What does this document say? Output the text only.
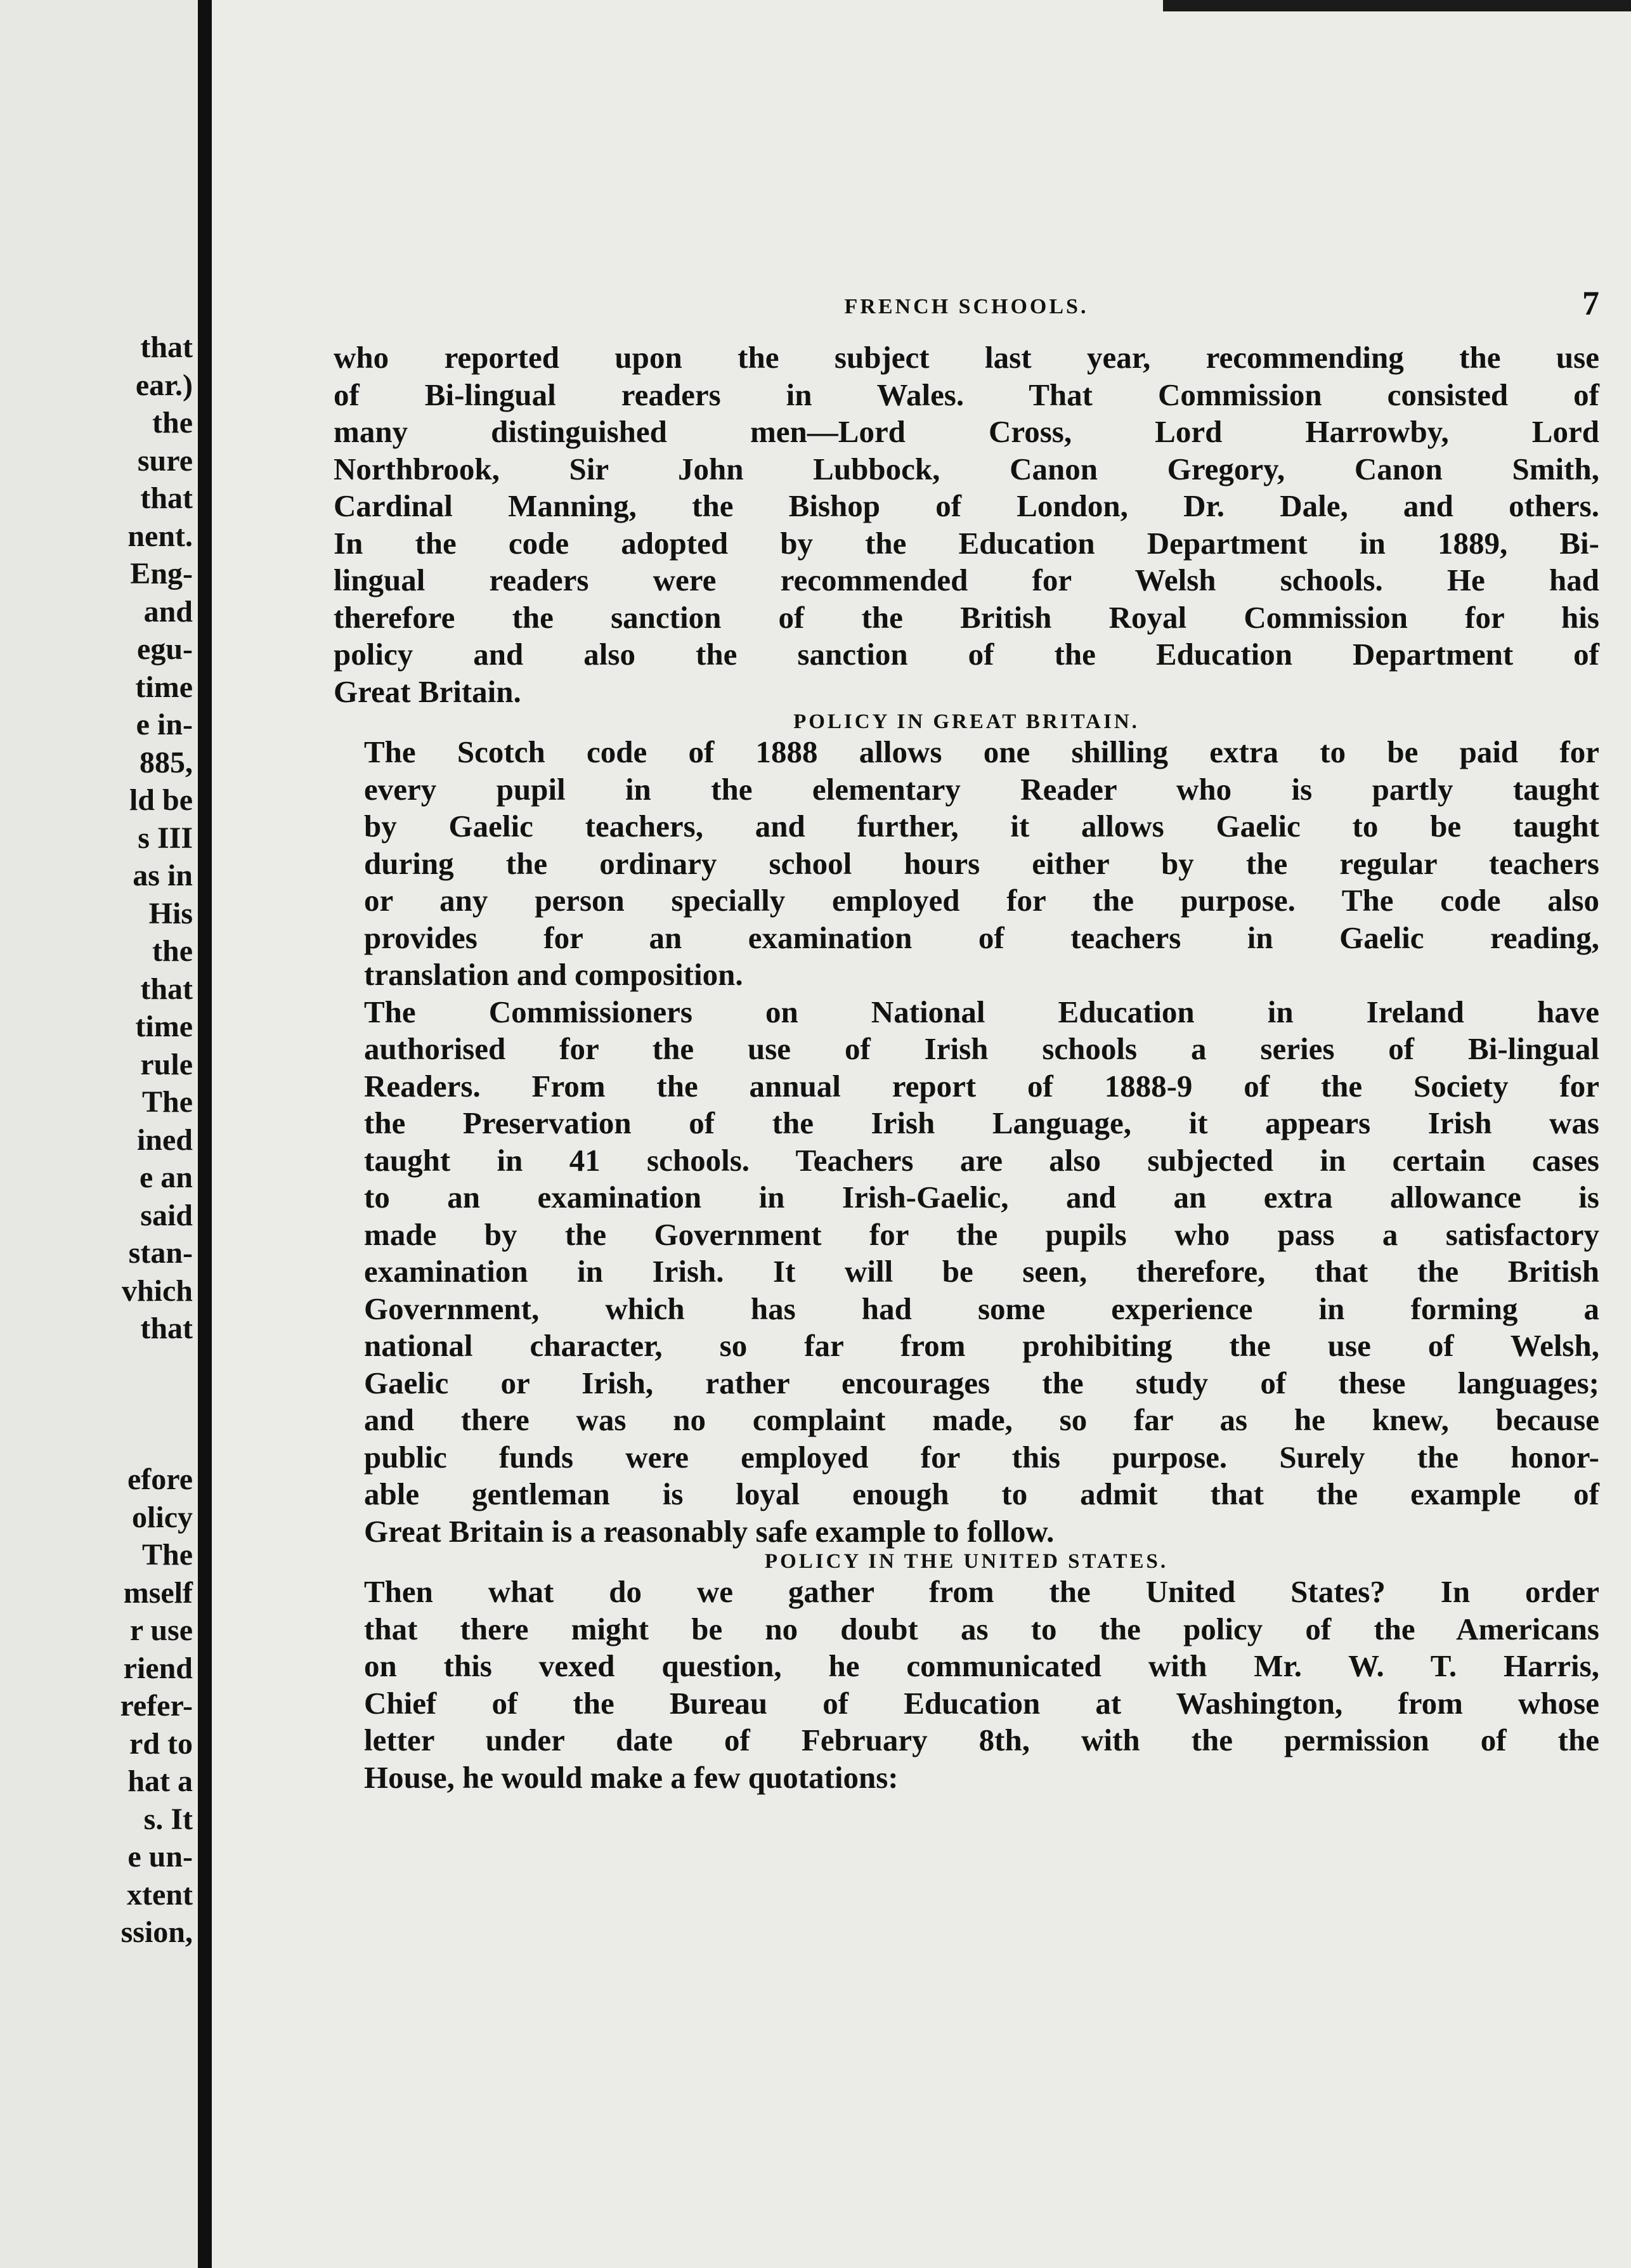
that
ear.)
the
sure
that
nent.
Eng-
and
egu-
time
e in-
885,
ld be
s III
as in
His
the
that
time
rule
The
ined
e an
said
stan-
vhich
that

efore
olicy
The
mself
r use
riend
refer-
rd to
hat a
s. It
e un-
xtent
ssion,
FRENCH SCHOOLS.	7

who reported upon the subject last year, recommending the use
of Bi-lingual readers in Wales. That Commission consisted of
many distinguished men—Lord Cross, Lord Harrowby, Lord
Northbrook, Sir John Lubbock, Canon Gregory, Canon Smith,
Cardinal Manning, the Bishop of London, Dr. Dale, and others.
In the code adopted by the Education Department in 1889, Bi-
lingual readers were recommended for Welsh schools. He had
therefore the sanction of the British Royal Commission for his
policy and also the sanction of the Education Department of
Great Britain.

POLICY IN GREAT BRITAIN.

The Scotch code of 1888 allows one shilling extra to be paid for
every pupil in the elementary Reader who is partly taught
by Gaelic teachers, and further, it allows Gaelic to be taught
during the ordinary school hours either by the regular teachers
or any person specially employed for the purpose. The code also
provides for an examination of teachers in Gaelic reading,
translation and composition.

The Commissioners on National Education in Ireland have
authorised for the use of Irish schools a series of Bi-lingual
Readers. From the annual report of 1888-9 of the Society for
the Preservation of the Irish Language, it appears Irish was
taught in 41 schools. Teachers are also subjected in certain cases
to an examination in Irish-Gaelic, and an extra allowance is
made by the Government for the pupils who pass a satisfactory
examination in Irish. It will be seen, therefore, that the British
Government, which has had some experience in forming a
national character, so far from prohibiting the use of Welsh,
Gaelic or Irish, rather encourages the study of these languages;
and there was no complaint made, so far as he knew, because
public funds were employed for this purpose. Surely the honor-
able gentleman is loyal enough to admit that the example of
Great Britain is a reasonably safe example to follow.

POLICY IN THE UNITED STATES.

Then what do we gather from the United States? In order
that there might be no doubt as to the policy of the Americans
on this vexed question, he communicated with Mr. W. T. Harris,
Chief of the Bureau of Education at Washington, from whose
letter under date of February 8th, with the permission of the
House, he would make a few quotations:
